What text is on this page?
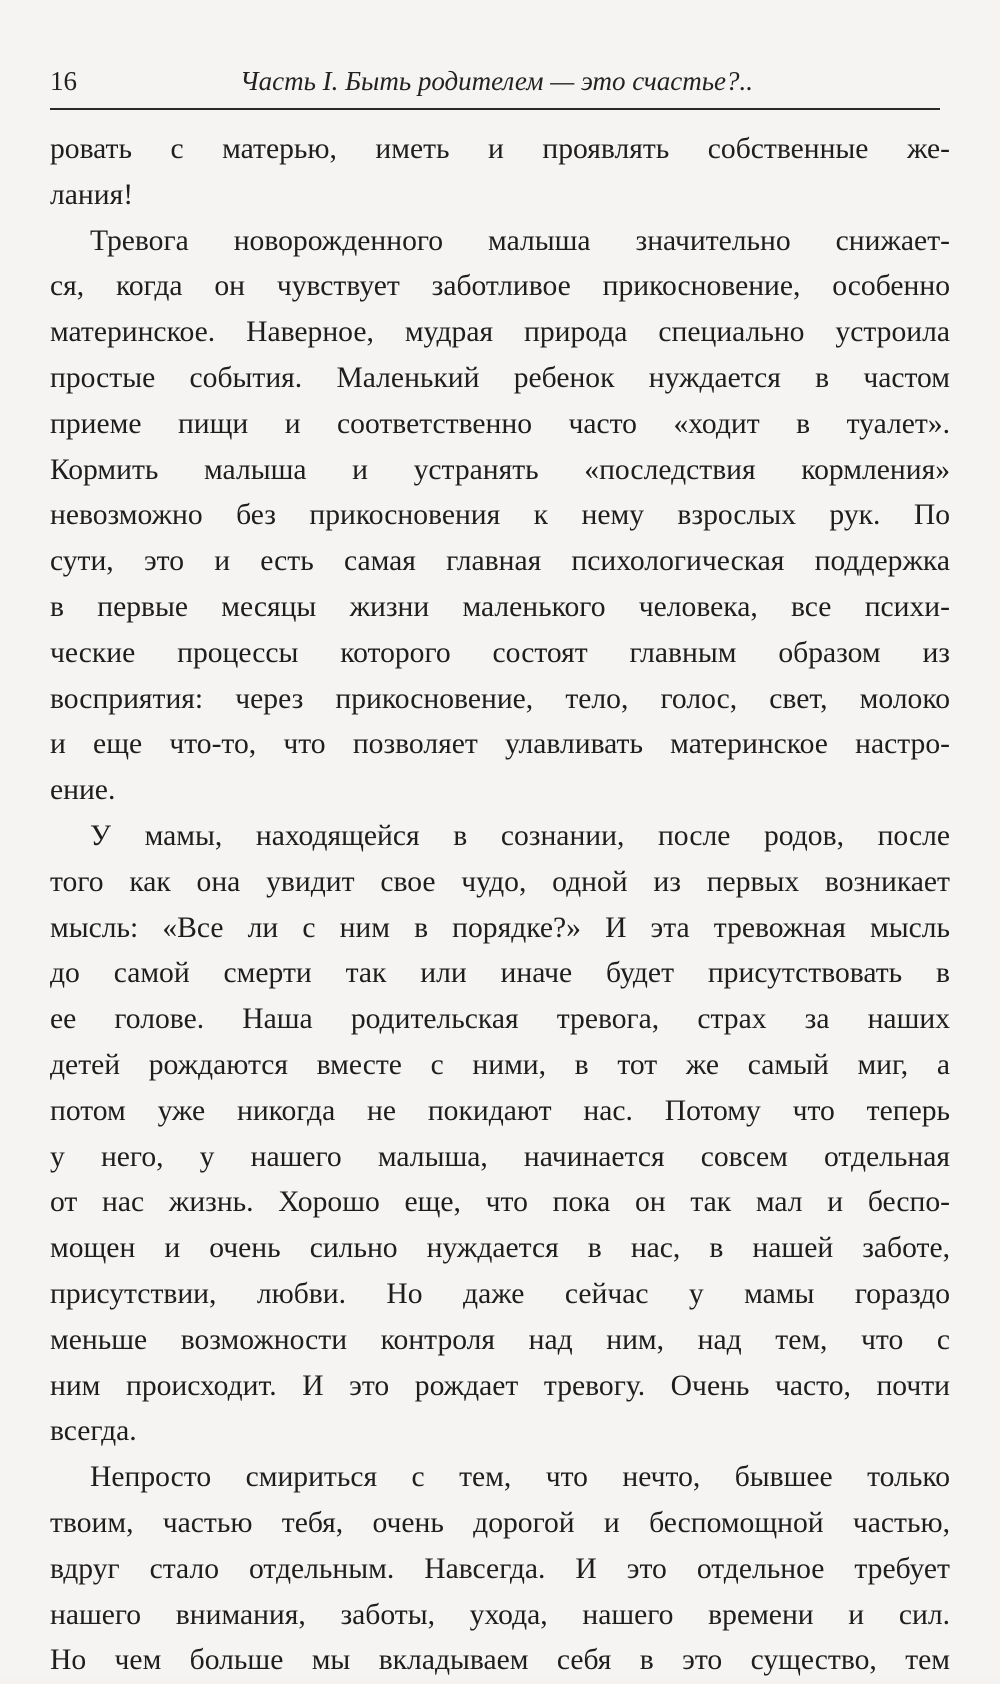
16	Часть I. Быть родителем — это счастье?..
ровать с матерью, иметь и проявлять собственные же-
лания!
Тревога новорожденного малыша значительно снижает-
ся, когда он чувствует заботливое прикосновение, особенно
материнское. Наверное, мудрая природа специально устроила
простые события. Маленький ребенок нуждается в частом
приеме пищи и соответственно часто «ходит в туалет».
Кормить малыша и устранять «последствия кормления»
невозможно без прикосновения к нему взрослых рук. По
сути, это и есть самая главная психологическая поддержка
в первые месяцы жизни маленького человека, все психи-
ческие процессы которого состоят главным образом из
восприятия: через прикосновение, тело, голос, свет, молоко
и еще что-то, что позволяет улавливать материнское настро-
ение.
У мамы, находящейся в сознании, после родов, после
того как она увидит свое чудо, одной из первых возникает
мысль: «Все ли с ним в порядке?» И эта тревожная мысль
до самой смерти так или иначе будет присутствовать в
ее голове. Наша родительская тревога, страх за наших
детей рождаются вместе с ними, в тот же самый миг, а
потом уже никогда не покидают нас. Потому что теперь
у него, у нашего малыша, начинается совсем отдельная
от нас жизнь. Хорошо еще, что пока он так мал и беспо-
мощен и очень сильно нуждается в нас, в нашей заботе,
присутствии, любви. Но даже сейчас у мамы гораздо
меньше возможности контроля над ним, над тем, что с
ним происходит. И это рождает тревогу. Очень часто, почти
всегда.
Непросто смириться с тем, что нечто, бывшее только
твоим, частью тебя, очень дорогой и беспомощной частью,
вдруг стало отдельным. Навсегда. И это отдельное требует
нашего внимания, заботы, ухода, нашего времени и сил.
Но чем больше мы вкладываем себя в это существо, тем
